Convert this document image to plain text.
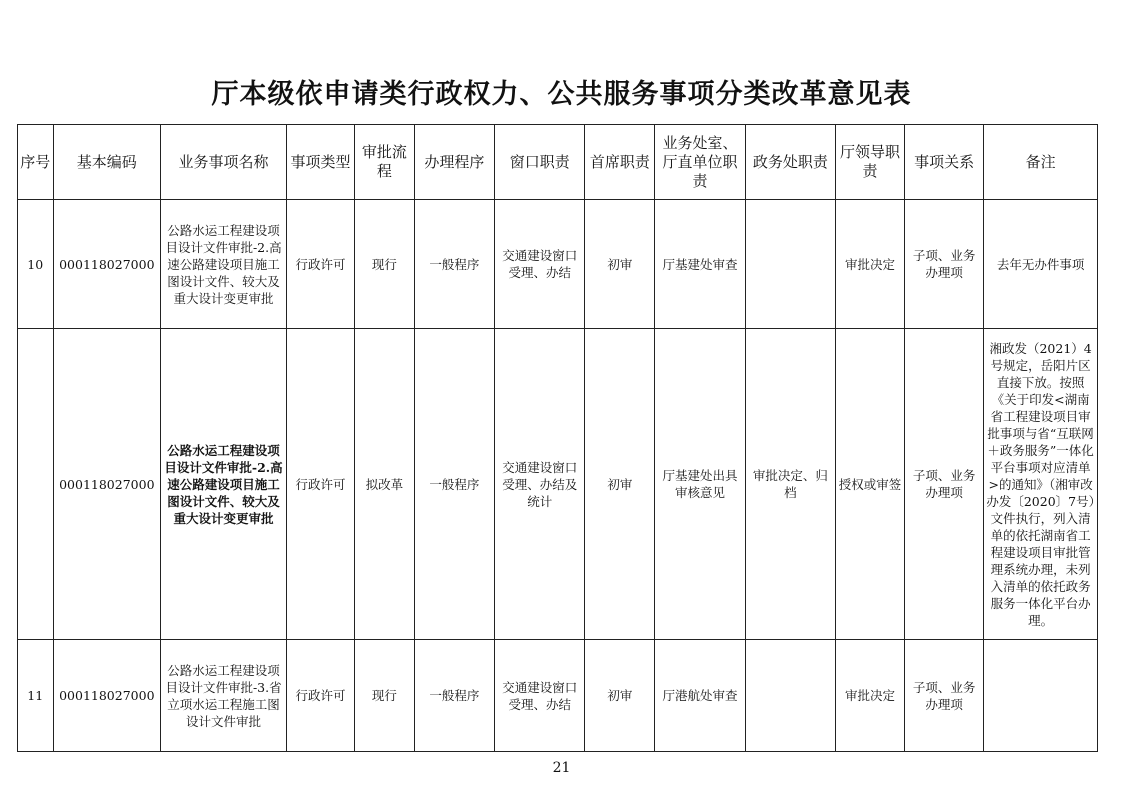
厅本级依申请类行政权力、公共服务事项分类改革意见表
序号	基本编码	业务事项名称	事项类型	审批流程	办理程序	窗口职责	首席职责	业务处室、厅直单位职责	政务处职责	厅领导职责	事项关系	备注
10	000118027000	公路水运工程建设项目设计文件审批-2.高速公路建设项目施工图设计文件、较大及重大设计变更审批	行政许可	现行	一般程序	交通建设窗口受理、办结	初审	厅基建处审查		审批决定	子项、业务办理项	去年无办件事项
	000118027000	公路水运工程建设项目设计文件审批-2.高速公路建设项目施工图设计文件、较大及重大设计变更审批	行政许可	拟改革	一般程序	交通建设窗口受理、办结及统计	初审	厅基建处出具审核意见	审批决定、归档	授权或审签	子项、业务办理项	湘政发（2021）4号规定，岳阳片区直接下放。按照《关于印发<湖南省工程建设项目审批事项与省“互联网＋政务服务”一体化平台事项对应清单>的通知》（湘审改办发〔2020〕7号）文件执行，列入清单的依托湖南省工程建设项目审批管理系统办理，未列入清单的依托政务服务一体化平台办理。
11	000118027000	公路水运工程建设项目设计文件审批-3.省立项水运工程施工图设计文件审批	行政许可	现行	一般程序	交通建设窗口受理、办结	初审	厅港航处审查		审批决定	子项、业务办理项	
21
